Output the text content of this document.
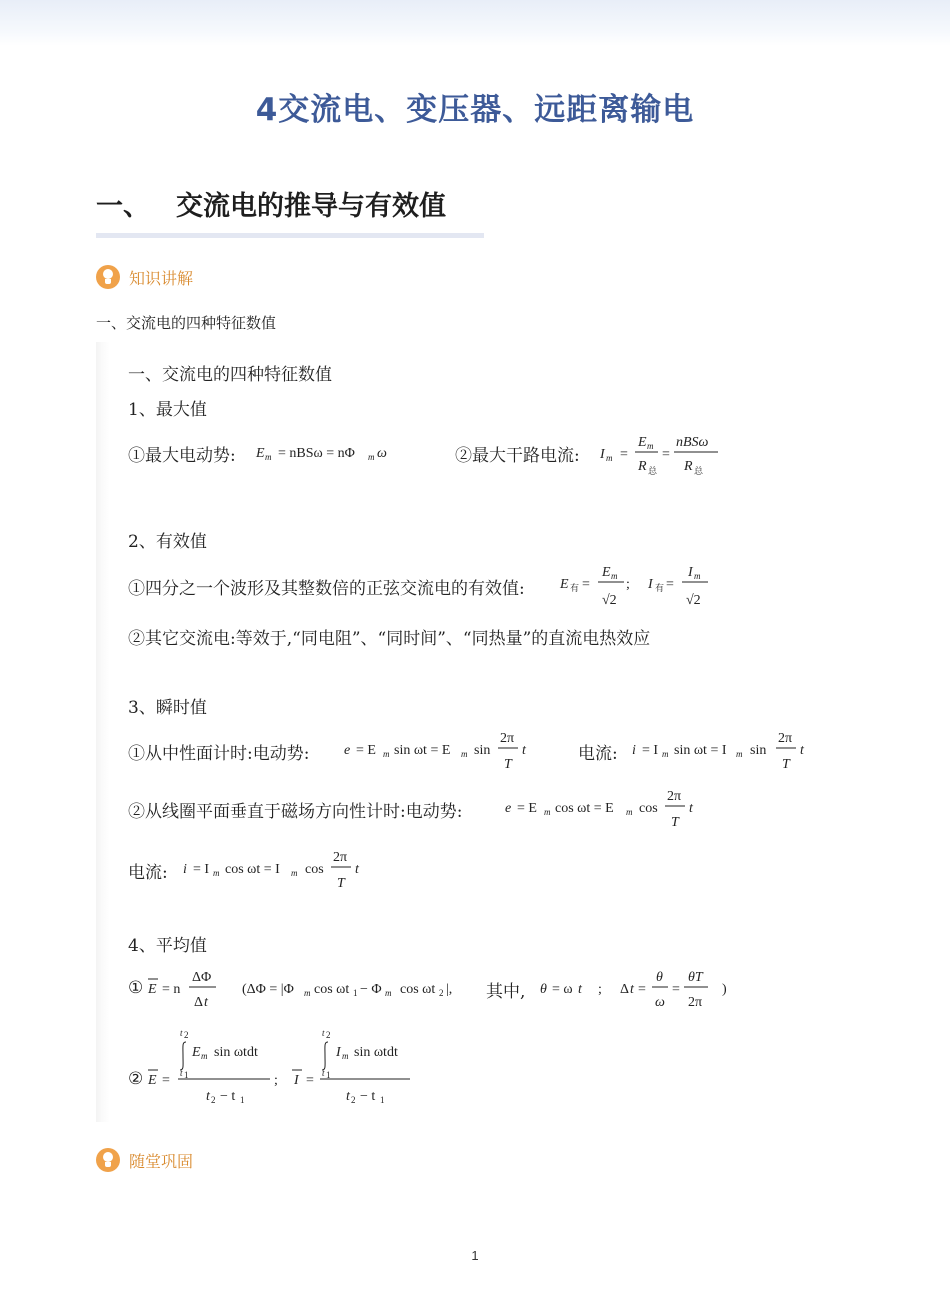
4交流电、变压器、远距离输电
一、 交流电的推导与有效值
知识讲解
一、交流电的四种特征数值
一、交流电的四种特征数值
1、最大值
①最大电动势: E m = nBSω = nΦ m ω	②最大干路电流: I m =
E m
R 总
=
nBSω
R 总
2、有效值
①四分之一个波形及其整数倍的正弦交流电的有效值:	E 有 =
E m
√2
; I 有 =
I m
√2
②其它交流电:等效于,“同电阻”、“同时间”、“同热量”的直流电热效应
3、瞬时值
①从中性面计时:电动势: e = E m sin ωt = E m sin
2π
T
t	电流: i = I m sin ωt = I m sin
2π
T
t
②从线圈平面垂直于磁场方向性计时:电动势:	e = E m cos ωt = E m cos
2π
T
t
电流: i = I m cos ωt = I m cos
2π
T
t
4、平均值
① E = n
ΔΦ
Δ t
(ΔΦ = |Φ m cos ωt 1 − Φ m cos ωt 2 |, 其中, θ = ω t ; Δ t =
θ
ω
=
θT
2π
)
② E =
t 2
t 1
E m sin ωtdt
t 2 − t 1
; I =
t 2
t 1
I m sin ωtdt
t 2 − t 1
随堂巩固
1
